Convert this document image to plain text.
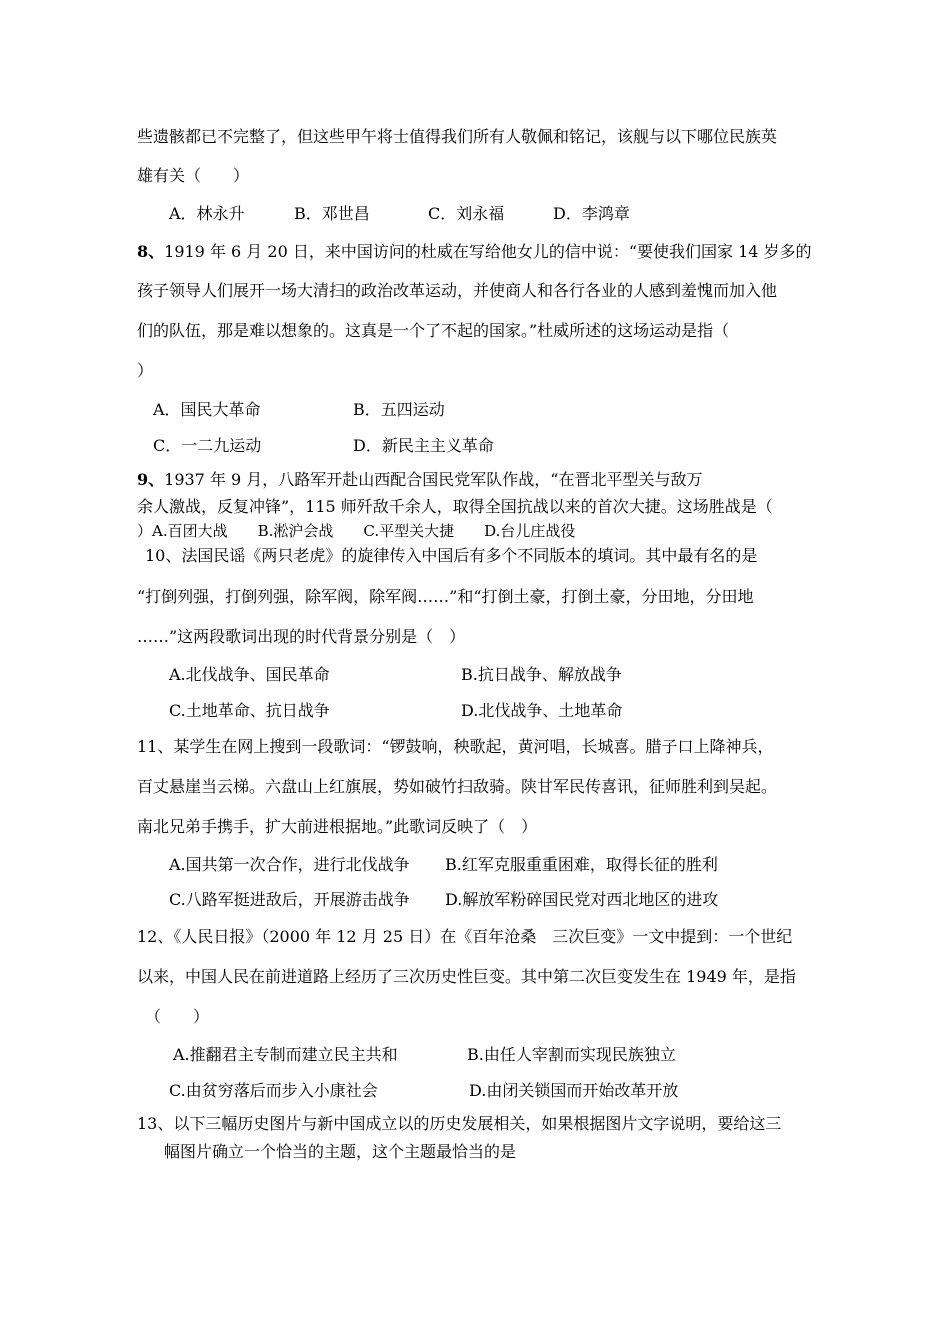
些遗骸都已不完整了，但这些甲午将士值得我们所有人敬佩和铭记，该舰与以下哪位民族英
雄有关（　　）
A．林永升	B．邓世昌	C．刘永福	D．李鸿章
8、1919 年 6 月 20 日，来中国访问的杜威在写给他女儿的信中说：“要使我们国家 14 岁多的
孩子领导人们展开一场大清扫的政治改革运动，并使商人和各行各业的人感到羞愧而加入他
们的队伍，那是难以想象的。这真是一个了不起的国家。”杜威所述的这场运动是指（
）
A．国民大革命	B．五四运动
C．一二九运动	D．新民主主义革命
9、1937 年 9 月，八路军开赴山西配合国民党军队作战，“在晋北平型关与敌万
余人激战，反复冲锋”，115 师歼敌千余人，取得全国抗战以来的首次大捷。这场胜战是（
）A.百团大战　　B.淞沪会战　　C.平型关大捷　　D.台儿庄战役
10、法国民谣《两只老虎》的旋律传入中国后有多个不同版本的填词。其中最有名的是
“打倒列强，打倒列强，除军阀，除军阀……”和“打倒土豪，打倒土豪，分田地，分田地
……”这两段歌词出现的时代背景分别是（　）
A.北伐战争、国民革命	B.抗日战争、解放战争
C.土地革命、抗日战争	D.北伐战争、土地革命
11、某学生在网上搜到一段歌词：“锣鼓响，秧歌起，黄河唱，长城喜。腊子口上降神兵，
百丈悬崖当云梯。六盘山上红旗展，势如破竹扫敌骑。陕甘军民传喜讯，征师胜利到吴起。
南北兄弟手携手，扩大前进根据地。”此歌词反映了（　）
A.国共第一次合作，进行北伐战争 B.红军克服重重困难，取得长征的胜利
C.八路军挺进敌后，开展游击战争 D.解放军粉碎国民党对西北地区的进攻
12、《人民日报》（2000 年 12 月 25 日）在《百年沧桑　三次巨变》一文中提到：一个世纪
以来，中国人民在前进道路上经历了三次历史性巨变。其中第二次巨变发生在 1949 年，是指
（　　）
A.推翻君主专制而建立民主共和	B.由任人宰割而实现民族独立
C.由贫穷落后而步入小康社会	D.由闭关锁国而开始改革开放
13、以下三幅历史图片与新中国成立以的历史发展相关，如果根据图片文字说明，要给这三
幅图片确立一个恰当的主题，这个主题最恰当的是
